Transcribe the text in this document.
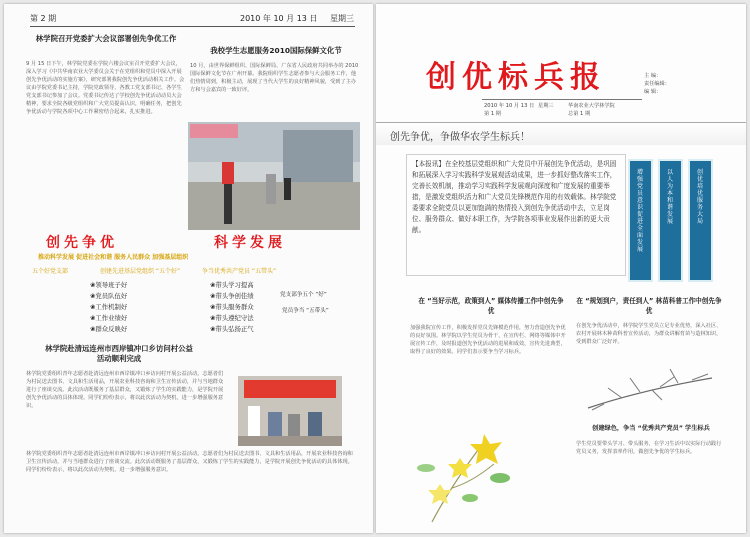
第 2 期	2010 年 10 月 13 日 星期三
林学院召开党委扩大会议部署创先争优工作
9 月 15 日下午，林学院党委在学院六楼会议室召开党委扩大会议，深入学习《中共华南农业大学委员会关于在党组织和党员中深入开展创先争优活动的实施方案》，研究部署我院创先争优活动相关工作。会议由学院党委书记主持，学院党政领导、各教工党支部书记、各学生党支部书记参加了会议。党委书记传达了学校创先争优活动动员大会精神，要求全院各级党组织和广大党员提高认识，明确任务，把创先争优活动与学院各项中心工作紧密结合起来，扎实推进。
我校学生志愿服务2010国际保鲜文化节
10 月，由世界保鲜组织、国际保鲜局、广东省人民政府共同举办的 2010 国际保鲜文化节在广州开幕。我院组织学生志愿者参与大会服务工作，他们热情周到，积极主动，展现了当代大学生的良好精神风貌，受到了主办方和与会嘉宾的一致好评。
创先争优	科学发展
推动科学发展 促进社会和谐 服务人民群众 加强基层组织
五个好党支部	创建先进基层党组织 “五个好”	争当优秀共产党员 “五带头”
❀领导班子好
❀党员队伍好
❀工作机制好
❀工作业绩好
❀群众反映好
❀带头学习提高
❀带头争创佳绩
❀带头服务群众
❀带头遵纪守法
❀带头弘扬正气
党支部争五个 “好”
党员争当 “五带头”
林学院赴清远连州市西岸镇冲口乡访问村公益活动顺利完成
林学院党委组织青年志愿者赴清远连州市西岸镇冲口乡访问村开展公益活动。志愿者们为村民送去图书、文具和生活用品，开展农业科技咨询和卫生宣传活动，并与当地群众进行了座谈交流。此次活动既服务了基层群众，又锻炼了学生的实践能力，是学院开展创先争优活动的具体体现。同学们纷纷表示，将以此次活动为契机，进一步增强服务意识。
林学院党委组织青年志愿者赴清远连州市西岸镇冲口乡访问村开展公益活动。志愿者们为村民送去图书、文具和生活用品，开展农业科技咨询和卫生宣传活动，并与当地群众进行了座谈交流。此次活动既服务了基层群众，又锻炼了学生的实践能力，是学院开展创先争优活动的具体体现。同学们纷纷表示，将以此次活动为契机，进一步增强服务意识。
创优标兵报	主 编：
责任编辑：
编 辑：
2010 年 10 月 13 日 星期三	华南农业大学林学院
第 1 期	总第 1 期
创先争优，争做华农学生标兵！
【本报讯】在全校基层党组织和广大党员中开展创先争优活动，是巩固和拓展深入学习实践科学发展观活动成果，进一步抓好整改落实工作，完善长效机制，推动学习实践科学发展观向深度和广度发展的重要举措，是激发党组织活力和广大党员先锋模范作用的有效载体。林学院党委要求全院党员以更加饱满的热情投入到创先争优活动中去，立足岗位、服务群众、做好本职工作，为学院各项事业发展作出新的更大贡献。
增强党员意识促进全面发展
以人为本和谐发展
创优培优服务大局
在 “当好示范，政策到人” 媒体传播工作中创先争优
加强我院宣传工作，积极发挥党员先锋模范作用，努力营造创先争优的良好氛围。林学院以学生党员为骨干，在宣传栏、网络等媒体中开展宣传工作，及时报道创先争优活动的进展和成效，宣传先进典型，取得了良好的效果。同学们表示要争当学习标兵。
在 “规划到户，责任到人” 林苗科普工作中创先争优
在创先争优活动中，林学院学生党员立足专业优势，深入社区、农村开展林木种苗科普宣传活动，为群众讲解育苗与造林知识，受到群众广泛好评。
创建绿色，争当 “优秀共产党员” 学生标兵
学生党员要带头学习、带头服务，在学习生活中以实际行动践行党员义务，发挥表率作用，做创先争优的学生标兵。
